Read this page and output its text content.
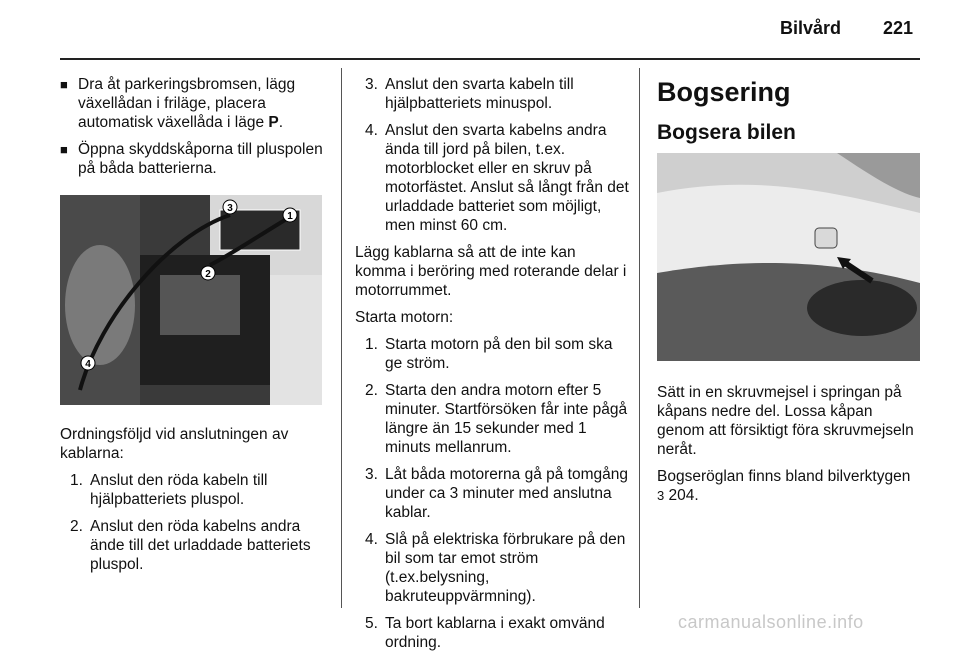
Bilvård 221
■ Dra åt parkeringsbromsen, lägg växellådan i friläge, placera automatisk växellåda i läge P.
■ Öppna skyddskåporna till pluspolen på båda batterierna.
3
1
2
4
Ordningsföljd vid anslutningen av kablarna:
1. Anslut den röda kabeln till hjälpbatteriets pluspol.
2. Anslut den röda kabelns andra ände till det urladdade batteriets pluspol.
3. Anslut den svarta kabeln till hjälpbatteriets minuspol.
4. Anslut den svarta kabelns andra ända till jord på bilen, t.ex. motorblocket eller en skruv på motorfästet. Anslut så långt från det urladdade batteriet som möjligt, men minst 60 cm.
Lägg kablarna så att de inte kan komma i beröring med roterande delar i motorrummet.
Starta motorn:
1. Starta motorn på den bil som ska ge ström.
2. Starta den andra motorn efter 5 minuter. Startförsöken får inte pågå längre än 15 sekunder med 1 minuts mellanrum.
3. Låt båda motorerna gå på tomgång under ca 3 minuter med anslutna kablar.
4. Slå på elektriska förbrukare på den bil som tar emot ström (t.ex.belysning, bakruteuppvärmning).
5. Ta bort kablarna i exakt omvänd ordning.
Bogsering
Bogsera bilen
Sätt in en skruvmejsel i springan på kåpans nedre del. Lossa kåpan genom att försiktigt föra skruvmejseln neråt.
Bogseröglan finns bland bilverktygen
3 204.
carmanualsonline.info
